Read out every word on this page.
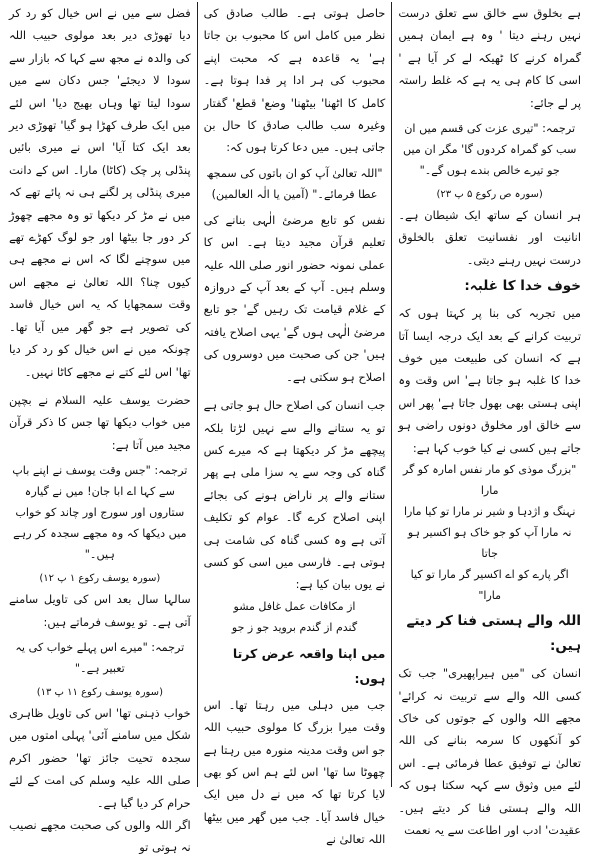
ہے بخلوق سے خالق سے تعلق درست نہیں رہنے دیتا ' وہ ہے ایمان ہمیں گمراہ کرنے کا ٹھیکہ لے کر آیا ہے ' اسی کا کام ہی یہ ہے کہ غلط راستہ پر لے جائے:

ترجمہ: "تیری عزت کی قسم میں ان سب کو گمراہ کردوں گا' مگر ان میں جو تیرے خالص بندے ہوں گے۔"

(سورہ ص رکوع ۵ پ ۲۳)

ہر انسان کے ساتھ ایک شیطان ہے۔ انانیت اور نفسانیت تعلق بالخلوق درست نہیں رہنے دیتی۔

خوف خدا کا غلبہ:

میں تجربہ کی بنا پر کہتا ہوں کہ تربیت کرانے کے بعد ایک درجہ ایسا آتا ہے کہ انسان کی طبیعت میں خوف خدا کا غلبہ ہو جاتا ہے' اس وقت وہ اپنی ہستی بھی بھول جاتا ہے' پھر اس سے خالق اور مخلوق دونوں راضی ہو جاتے ہیں کسی نے کیا خوب کہا ہے:

"بزرگ موذی کو مار نفس امارہ کو گر مارا

نہنگ و اژدہا و شیر نر مارا تو کیا مارا

نہ مارا آپ کو جو خاک ہو اکسیر ہو جاتا

اگر پارے کو اے اکسیر گر مارا تو کیا مارا"

اللہ والے ہستی فنا کر دیتے ہیں:

انسان کی "میں ہیراپھیری" جب تک کسی اللہ والے سے تربیت نہ کرائے' مجھے اللہ والوں کے جوتوں کی خاک کو آنکھوں کا سرمہ بنانے کی اللہ تعالیٰ نے توفیق عطا فرمائی ہے۔ اس لئے میں وثوق سے کہہ سکتا ہوں کہ اللہ والے ہستی فنا کر دیتے ہیں۔ عقیدت' ادب اور اطاعت سے یہ نعمت

حاصل ہوتی ہے۔ طالب صادق کی نظر میں کامل اس کا محبوب بن جاتا ہے' یہ قاعدہ ہے کہ محبت اپنے محبوب کی ہر ادا پر فدا ہوتا ہے۔ کامل کا اٹھنا' بیٹھنا' وضع' قطع' گفتار وغیرہ سب طالب صادق کا حال بن جاتی ہیں۔ میں دعا کرتا ہوں کہ:

"اللہ تعالیٰ آپ کو ان باتوں کی سمجھ عطا فرمائے۔" (آمین یا الٰہ العالمین)

نفس کو تابع مرضیٔ الٰہی بنانے کی تعلیم قرآن مجید دیتا ہے۔ اس کا عملی نمونہ حضور انور صلی اللہ علیہ وسلم ہیں۔ آپ کے بعد آپ کے دروازہ کے غلام قیامت تک رہیں گے' جو تابع مرضیٔ الٰہی ہوں گے' یہی اصلاح یافتہ ہیں' جن کی صحبت میں دوسروں کی اصلاح ہو سکتی ہے۔

جب انسان کی اصلاح حال ہو جاتی ہے تو یہ ستانے والے سے نہیں لڑتا بلکہ پیچھے مڑ کر دیکھتا ہے کہ میرے کس گناہ کی وجہ سے یہ سزا ملی ہے پھر ستانے والے پر ناراض ہونے کی بجائے اپنی اصلاح کرے گا۔ عوام کو تکلیف آتی ہے وہ کسی گناہ کی شامت ہی ہوتی ہے۔ فارسی میں اسی کو کسی نے یوں بیان کیا ہے:

از مکافات عمل غافل مشو

گندم از گندم بروید جو ز جو

میں اپنا واقعہ عرض کرتا ہوں:

جب میں دہلی میں رہتا تھا۔ اس وقت میرا بزرگ کا مولوی حبیب اللہ جو اس وقت مدینہ منورہ میں رہتا ہے چھوٹا سا تھا' اس لئے ہم اس کو بھی لایا کرتا تھا کہ میں نے دل میں ایک خیال فاسد آیا۔ جب میں گھر میں بیٹھا اللہ تعالیٰ نے

فضل سے میں نے اس خیال کو رد کر دیا تھوڑی دیر بعد مولوی حبیب اللہ کی والدہ نے مجھ سے کہا کہ بازار سے سودا لا دیجئے' جس دکان سے میں سودا لیتا تھا وہاں بھیج دیا' اس لئے میں ایک طرف کھڑا ہو گیا' تھوڑی دیر بعد ایک کتا آیا' اس نے میری بائیں پنڈلی پر چک (کاٹا) مارا۔ اس کے دانت میری پنڈلی پر لگنے ہی نہ پائے تھے کہ میں نے مڑ کر دیکھا تو وہ مجھے چھوڑ کر دور جا بیٹھا اور جو لوگ کھڑے تھے میں سوچنے لگا کہ اس نے مجھے ہی کیوں چنا؟ اللہ تعالیٰ نے مجھے اس وقت سمجھایا کہ یہ اس خیال فاسد کی تصویر ہے جو گھر میں آیا تھا۔ چونکہ میں نے اس خیال کو رد کر دیا تھا' اس لئے کتے نے مجھے کاٹا نہیں۔

حضرت یوسف علیہ السلام نے بچپن میں خواب دیکھا تھا جس کا ذکر قرآن مجید میں آتا ہے:

ترجمہ: "جس وقت یوسف نے اپنے باپ سے کہا اے ابا جان! میں نے گیارہ ستاروں اور سورج اور چاند کو خواب میں دیکھا کہ وہ مجھے سجدہ کر رہے ہیں۔"

(سورہ یوسف رکوع ۱ پ ۱۲)

سالہا سال بعد اس کی تاویل سامنے آتی ہے۔ تو یوسف فرماتے ہیں:

ترجمہ: "میرے اس پہلے خواب کی یہ تعبیر ہے۔"

(سورہ یوسف رکوع ۱۱ پ ۱۳)

خواب ذہنی تھا' اس کی تاویل ظاہری شکل میں سامنے آئی' پہلی امتوں میں سجدہ تحیت جائز تھا' حضور اکرم صلی اللہ علیہ وسلم کی امت کے لئے حرام کر دیا گیا ہے۔

اگر اللہ والوں کی صحبت مجھے نصیب نہ ہوتی تو
